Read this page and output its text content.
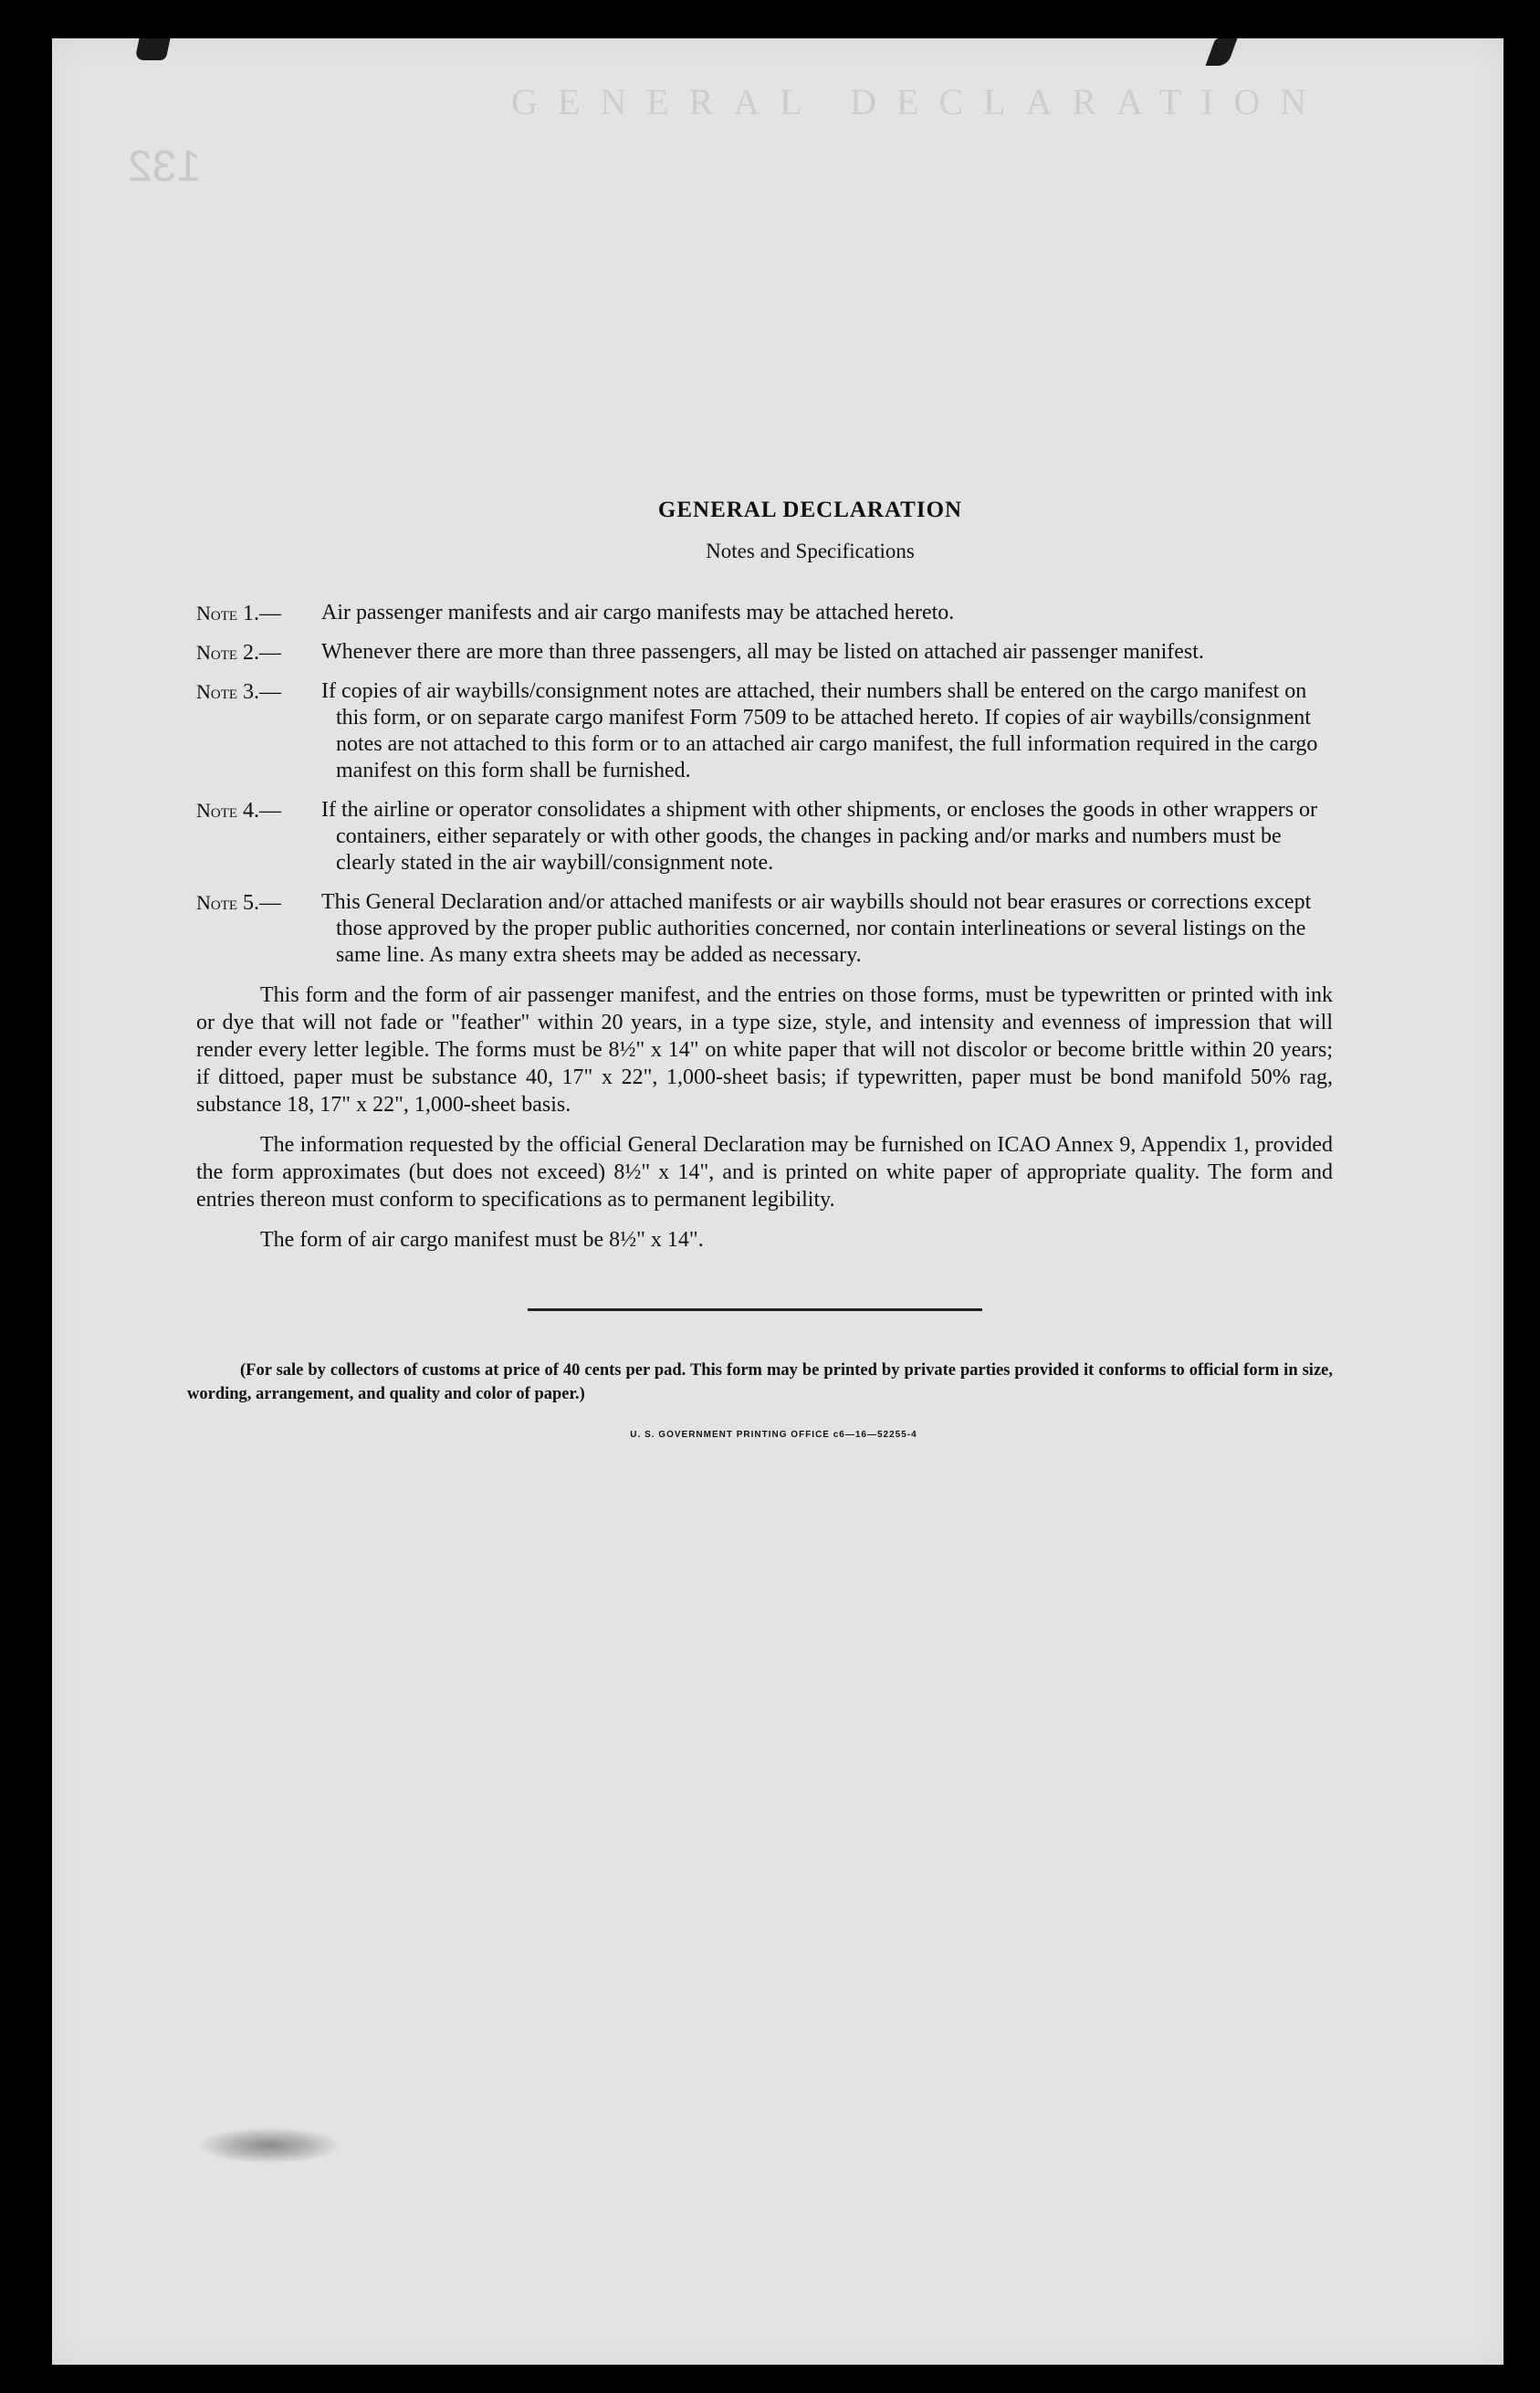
GENERAL DECLARATION
132
GENERAL DECLARATION
Notes and Specifications
Note 1.—	Air passenger manifests and air cargo manifests may be attached hereto.
Note 2.—	Whenever there are more than three passengers, all may be listed on attached air passenger manifest.
Note 3.—	If copies of air waybills/consignment notes are attached, their numbers shall be entered on the cargo manifest on this form, or on separate cargo manifest Form 7509 to be attached hereto. If copies of air waybills/consignment notes are not attached to this form or to an attached air cargo manifest, the full information required in the cargo manifest on this form shall be furnished.
Note 4.—	If the airline or operator consolidates a shipment with other shipments, or encloses the goods in other wrappers or containers, either separately or with other goods, the changes in packing and/or marks and numbers must be clearly stated in the air waybill/consignment note.
Note 5.—	This General Declaration and/or attached manifests or air waybills should not bear erasures or corrections except those approved by the proper public authorities concerned, nor contain interlineations or several listings on the same line. As many extra sheets may be added as necessary.

This form and the form of air passenger manifest, and the entries on those forms, must be typewritten or printed with ink or dye that will not fade or "feather" within 20 years, in a type size, style, and intensity and evenness of impression that will render every letter legible. The forms must be 8½" x 14" on white paper that will not discolor or become brittle within 20 years; if dittoed, paper must be substance 40, 17" x 22", 1,000-sheet basis; if typewritten, paper must be bond manifold 50% rag, substance 18, 17" x 22", 1,000-sheet basis.

The information requested by the official General Declaration may be furnished on ICAO Annex 9, Appendix 1, provided the form approximates (but does not exceed) 8½" x 14", and is printed on white paper of appropriate quality. The form and entries thereon must conform to specifications as to permanent legibility.

The form of air cargo manifest must be 8½" x 14".

(For sale by collectors of customs at price of 40 cents per pad. This form may be printed by private parties provided it conforms to official form in size, wording, arrangement, and quality and color of paper.)

U. S. GOVERNMENT PRINTING OFFICE c6—16—52255-4
